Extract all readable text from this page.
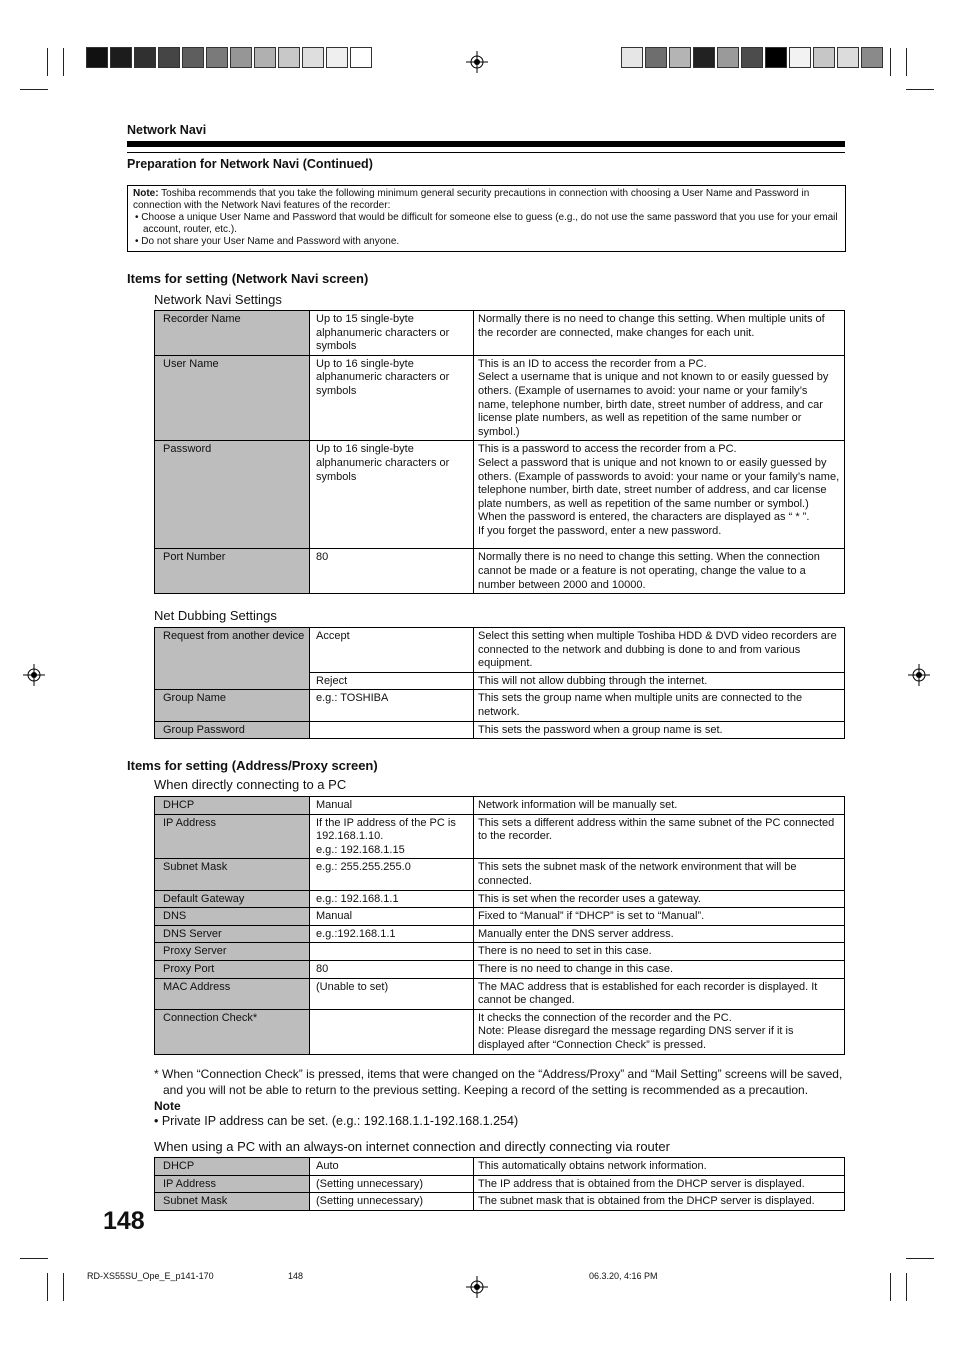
Network Navi
Preparation for Network Navi (Continued)

Note: Toshiba recommends that you take the following minimum general security precautions in connection with choosing a User Name and Password in connection with the Network Navi features of the recorder:

• Choose a unique User Name and Password that would be difficult for someone else to guess (e.g., do not use the same password that you use for your email account, router, etc.).

• Do not share your User Name and Password with anyone.

Items for setting (Network Navi screen)
Network Navi Settings
Recorder Name	Up to 15 single-byte alphanumeric characters or symbols	Normally there is no need to change this setting. When multiple units of the recorder are connected, make changes for each unit.
User Name	Up to 16 single-byte alphanumeric characters or symbols	This is an ID to access the recorder from a PC.
Select a username that is unique and not known to or easily guessed by others. (Example of usernames to avoid: your name or your family’s name, telephone number, birth date, street number of address, and car license plate numbers, as well as repetition of the same number or symbol.)
Password	Up to 16 single-byte alphanumeric characters or symbols	This is a password to access the recorder from a PC.
Select a password that is unique and not known to or easily guessed by others. (Example of passwords to avoid: your name or your family’s name, telephone number, birth date, street number of address, and car license plate numbers, as well as repetition of the same number or symbol.)
When the password is entered, the characters are displayed as “ * ”.
If you forget the password, enter a new password.
Port Number	80	Normally there is no need to change this setting. When the connection cannot be made or a feature is not operating, change the value to a number between 2000 and 10000.
Net Dubbing Settings
Request from another device	Accept	Select this setting when multiple Toshiba HDD & DVD video recorders are connected to the network and dubbing is done to and from various equipment.
	Reject	This will not allow dubbing through the internet.
Group Name	e.g.: TOSHIBA	This sets the group name when multiple units are connected to the network.
Group Password		This sets the password when a group name is set.
Items for setting (Address/Proxy screen)
When directly connecting to a PC
DHCP	Manual	Network information will be manually set.
IP Address	If the IP address of the PC is 192.168.1.10.
e.g.: 192.168.1.15	This sets a different address within the same subnet of the PC connected to the recorder.
Subnet Mask	e.g.: 255.255.255.0	This sets the subnet mask of the network environment that will be connected.
Default Gateway	e.g.: 192.168.1.1	This is set when the recorder uses a gateway.
DNS	Manual	Fixed to “Manual” if “DHCP” is set to “Manual”.
DNS Server	e.g.:192.168.1.1	Manually enter the DNS server address.
Proxy Server		There is no need to set in this case.
Proxy Port	80	There is no need to change in this case.
MAC Address	(Unable to set)	The MAC address that is established for each recorder is displayed. It cannot be changed.
Connection Check*		It checks the connection of the recorder and the PC.
Note: Please disregard the message regarding DNS server if it is displayed after “Connection Check” is pressed.
* When “Connection Check” is pressed, items that were changed on the “Address/Proxy” and “Mail Setting” screens will be saved, and you will not be able to return to the previous setting. Keeping a record of the setting is recommended as a precaution.
Note
• Private IP address can be set. (e.g.: 192.168.1.1-192.168.1.254)
When using a PC with an always-on internet connection and directly connecting via router
DHCP	Auto	This automatically obtains network information.
IP Address	(Setting unnecessary)	The IP address that is obtained from the DHCP server is displayed.
Subnet Mask	(Setting unnecessary)	The subnet mask that is obtained from the DHCP server is displayed.
148
RD-XS55SU_Ope_E_p141-170	148	06.3.20, 4:16 PM
